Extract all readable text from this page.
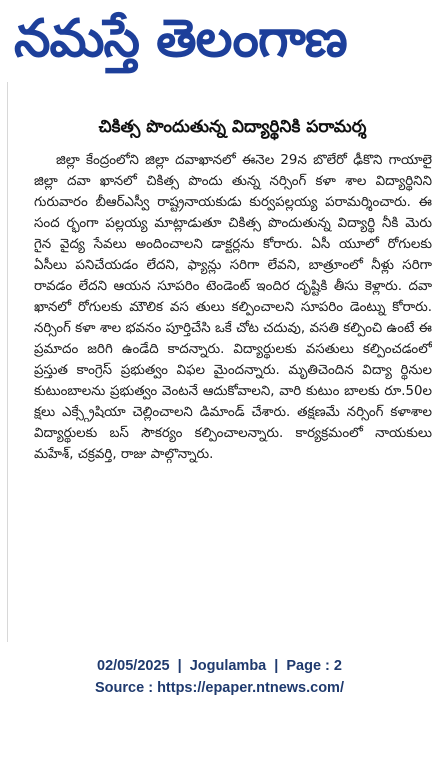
నమస్తే తెలంగాణ
చికిత్స పొందుతున్న విద్యార్థినికి పరామర్శ

జిల్లా కేంద్రంలోని జిల్లా దవాఖానలో ఈనెల 29న బొలేరో ఢీకొని గాయాలై జిల్లా దవా ఖానలో చికిత్స పొందు తున్న నర్సింగ్ కళా శాల విద్యార్థినిని గురువారం బీఆర్ఎస్వీ రాష్ట్రనాయకుడు కుర్వపల్లయ్య పరామర్శించారు. ఈ సంద ర్భంగా పల్లయ్య మాట్లాడుతూ చికిత్స పొందుతున్న విద్యార్థి నీకి మెరు గైన వైద్య సేవలు అందించాలని డాక్టర్లను కోరారు. ఏసీ యూలో రోగులకు ఏసీలు పనిచేయడం లేదని, ఫ్యాన్లు సరిగా లేవని, బాత్రూంలో నీళ్లు సరిగా రావడం లేదని ఆయన సూపరిం టెండెంట్ ఇందిర దృష్టికి తీసు కెళ్లారు. దవా ఖానలో రోగులకు మౌలిక వస తులు కల్పించాలని సూపరిం డెంట్ను కోరారు. నర్సింగ్ కళా శాల భవనం పూర్తిచేసి ఒకే చోట చదువు, వసతి కల్పించి ఉంటే ఈ ప్రమాదం జరిగి ఉండేది కాదన్నారు. విద్యార్థులకు వసతులు కల్పించడంలో ప్రస్తుత కాంగ్రెస్ ప్రభుత్వం విఫల మైందన్నారు. మృతిచెందిన విద్యా ర్థినుల కుటుంబాలను ప్రభుత్వం వెంటనే ఆదుకోవాలని, వారి కుటుం బాలకు రూ.50ల క్షలు ఎక్స్గ్రేషియా చెల్లించాలని డిమాండ్ చేశారు. తక్షణమే నర్సింగ్ కళాశాల విద్యార్థులకు బస్ సౌకర్యం కల్పించాలన్నారు. కార్యక్రమంలో నాయకులు మహేశ్, చక్రవర్తి, రాజు పాల్గొన్నారు.

02/05/2025 | Jogulamba | Page : 2
Source : https://epaper.ntnews.com/
